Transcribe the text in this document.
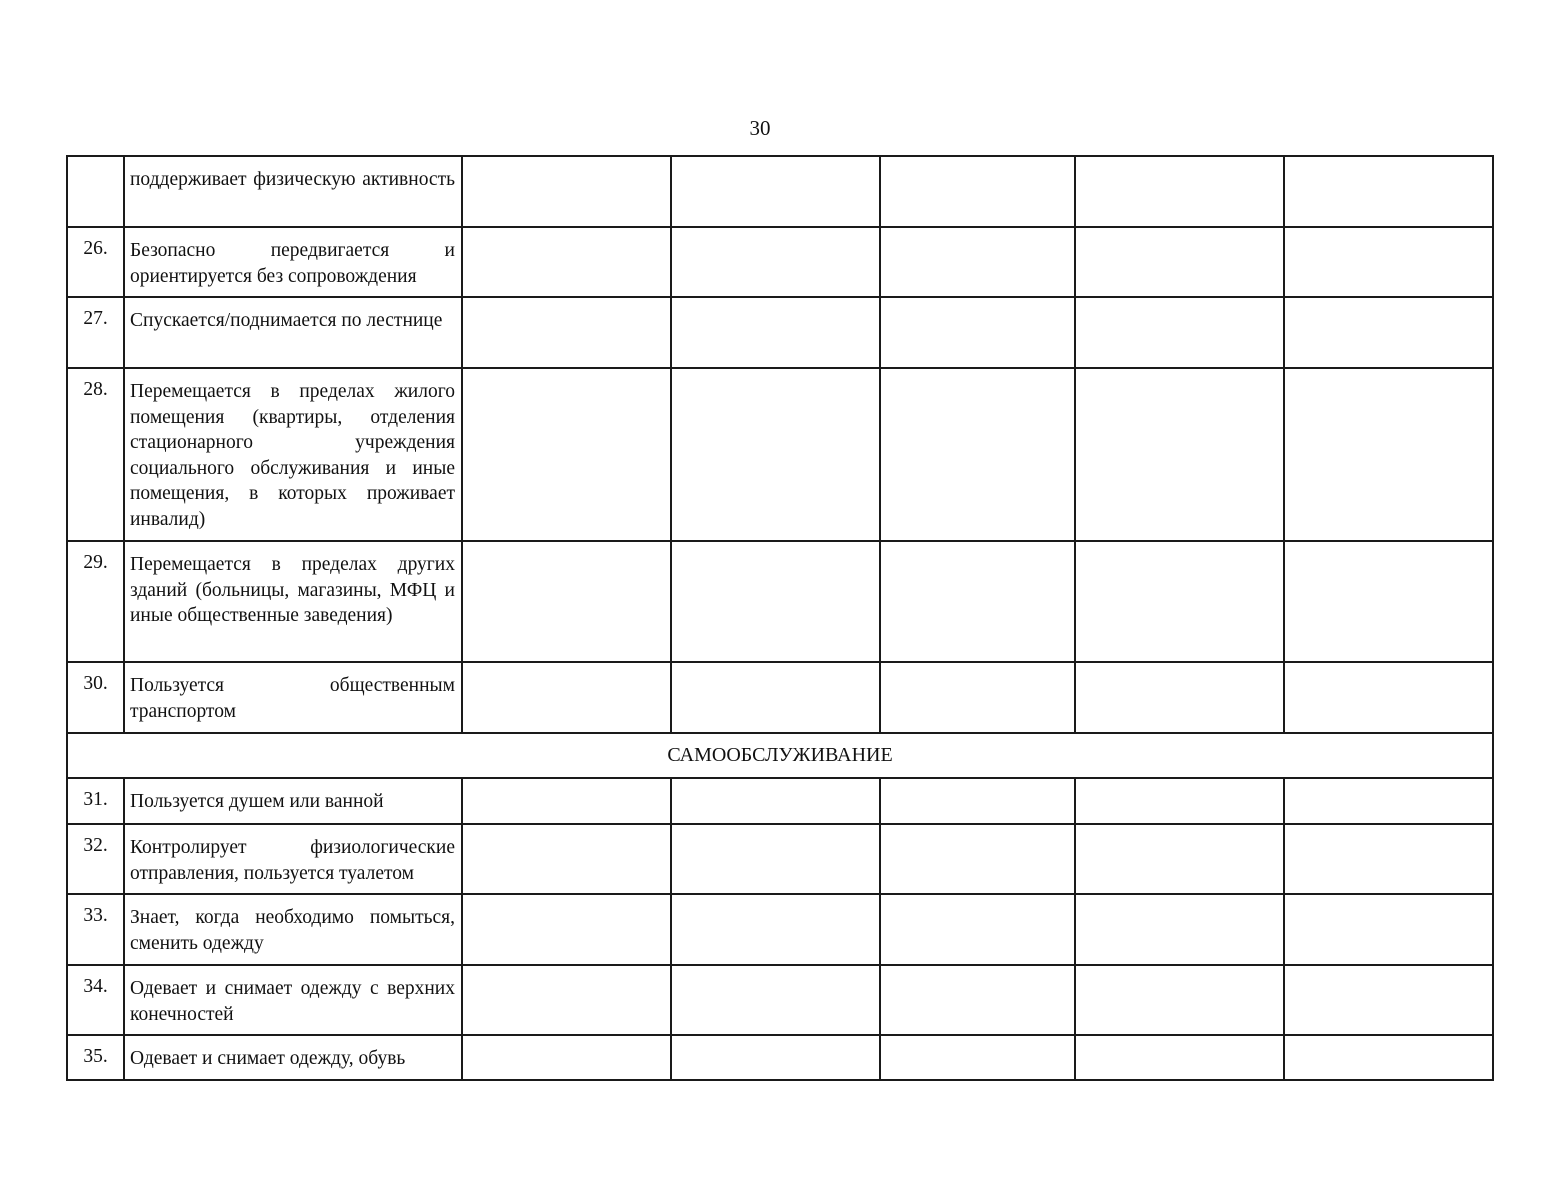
30
	поддерживает физическую активность					
26.	Безопасно передвигается и ориентируется без сопровождения					
27.	Спускается/поднимается по лестнице					
28.	Перемещается в пределах жилого помещения (квартиры, отделения стационарного учреждения социального обслуживания и иные помещения, в которых проживает инвалид)					
29.	Перемещается в пределах других зданий (больницы, магазины, МФЦ и иные общественные заведения)					
30.	Пользуется общественным транспортом					
САМООБСЛУЖИВАНИЕ						
31.	Пользуется душем или ванной					
32.	Контролирует физиологические отправления, пользуется туалетом					
33.	Знает, когда необходимо помыться, сменить одежду					
34.	Одевает и снимает одежду с верхних конечностей					
35.	Одевает и снимает одежду, обувь					
